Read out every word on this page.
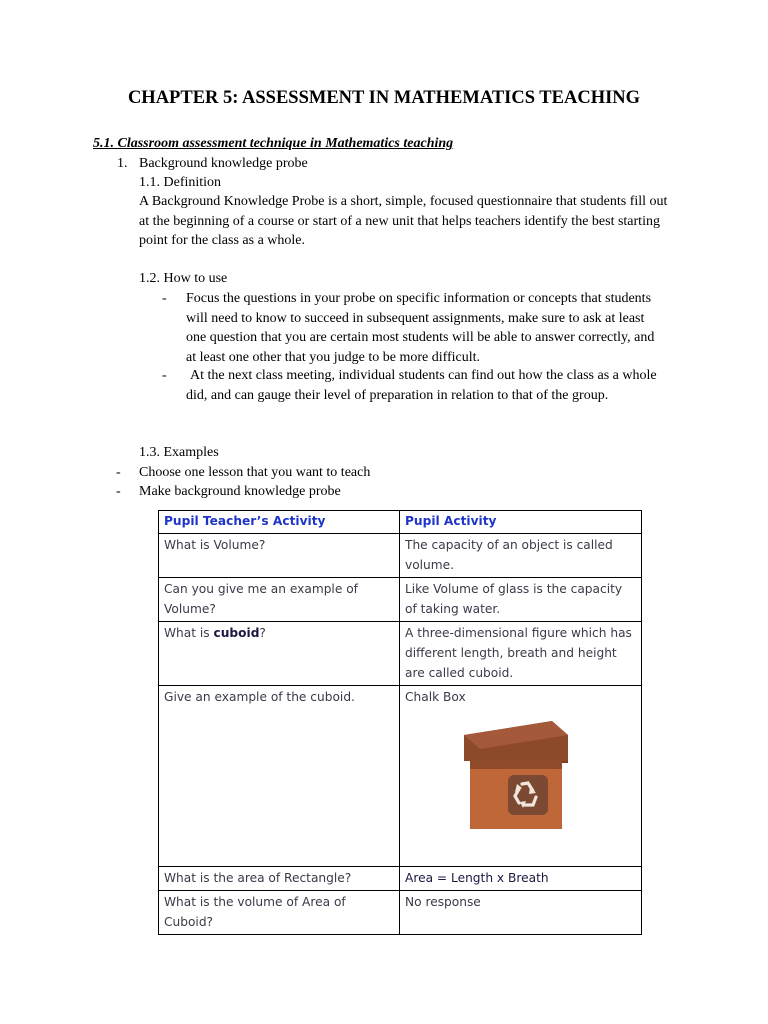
CHAPTER 5: ASSESSMENT IN MATHEMATICS TEACHING
5.1. Classroom assessment technique in Mathematics teaching
1. Background knowledge probe
1.1. Definition
A Background Knowledge Probe is a short, simple, focused questionnaire that students fill out at the beginning of a course or start of a new unit that helps teachers identify the best starting point for the class as a whole.
1.2. How to use
- Focus the questions in your probe on specific information or concepts that students will need to know to succeed in subsequent assignments, make sure to ask at least one question that you are certain most students will be able to answer correctly, and at least one other that you judge to be more difficult.
- At the next class meeting, individual students can find out how the class as a whole did, and can gauge their level of preparation in relation to that of the group.
1.3. Examples
- Choose one lesson that you want to teach
- Make background knowledge probe
Pupil Teacher’s Activity	Pupil Activity
What is Volume?	The capacity of an object is called volume.
Can you give me an example of Volume?	Like Volume of glass is the capacity of taking water.
What is cuboid?	A three-dimensional figure which has different length, breath and height are called cuboid.
Give an example of the cuboid.	Chalk Box

What is the area of Rectangle?	Area = Length x Breath
What is the volume of Area of Cuboid?	No response
